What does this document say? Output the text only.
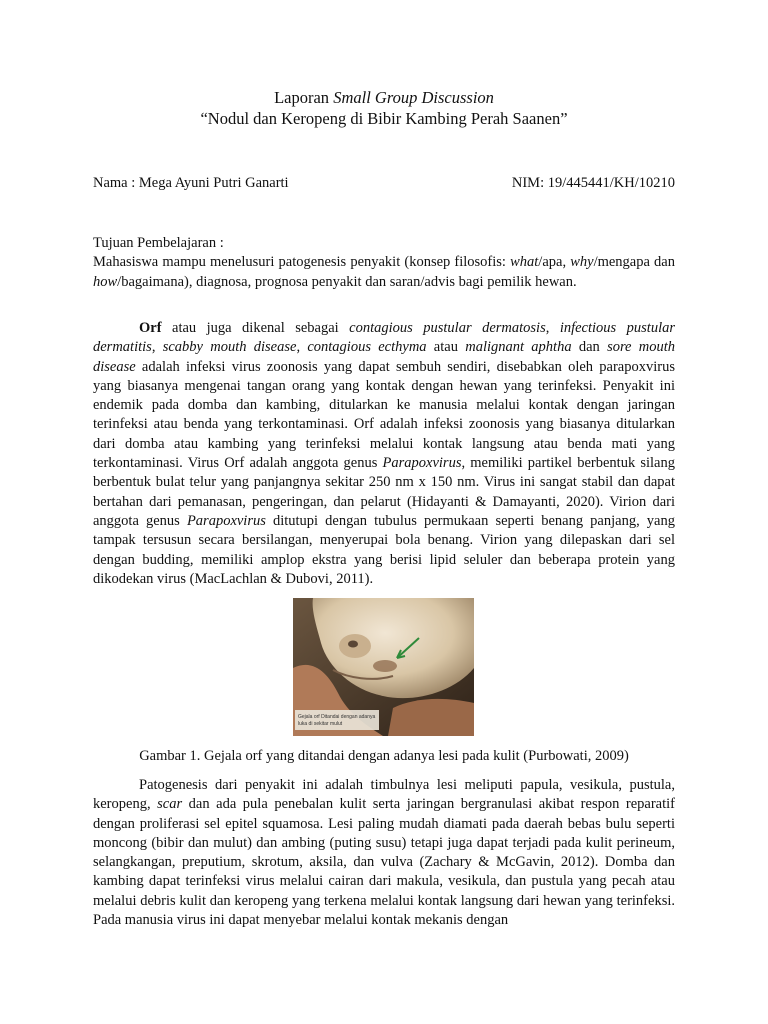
Laporan Small Group Discussion
“Nodul dan Keropeng di Bibir Kambing Perah Saanen”
Nama : Mega Ayuni Putri Ganarti	NIM: 19/445441/KH/10210
Tujuan Pembelajaran :
Mahasiswa mampu menelusuri patogenesis penyakit (konsep filosofis: what/apa, why/mengapa dan how/bagaimana), diagnosa, prognosa penyakit dan saran/advis bagi pemilik hewan.
Orf atau juga dikenal sebagai contagious pustular dermatosis, infectious pustular dermatitis, scabby mouth disease, contagious ecthyma atau malignant aphtha dan sore mouth disease adalah infeksi virus zoonosis yang dapat sembuh sendiri, disebabkan oleh parapoxvirus yang biasanya mengenai tangan orang yang kontak dengan hewan yang terinfeksi. Penyakit ini endemik pada domba dan kambing, ditularkan ke manusia melalui kontak dengan jaringan terinfeksi atau benda yang terkontaminasi. Orf adalah infeksi zoonosis yang biasanya ditularkan dari domba atau kambing yang terinfeksi melalui kontak langsung atau benda mati yang terkontaminasi. Virus Orf adalah anggota genus Parapoxvirus, memiliki partikel berbentuk silang berbentuk bulat telur yang panjangnya sekitar 250 nm x 150 nm. Virus ini sangat stabil dan dapat bertahan dari pemanasan, pengeringan, dan pelarut (Hidayanti & Damayanti, 2020). Virion dari anggota genus Parapoxvirus ditutupi dengan tubulus permukaan seperti benang panjang, yang tampak tersusun secara bersilangan, menyerupai bola benang. Virion yang dilepaskan dari sel dengan budding, memiliki amplop ekstra yang berisi lipid seluler dan beberapa protein yang dikodekan virus (MacLachlan & Dubovi, 2011).
Gejala orf Ditandai dengan adanya
lukа di sekitar mulut
Gambar 1. Gejala orf yang ditandai dengan adanya lesi pada kulit (Purbowati, 2009)
Patogenesis dari penyakit ini adalah timbulnya lesi meliputi papula, vesikula, pustula, keropeng, scar dan ada pula penebalan kulit serta jaringan bergranulasi akibat respon reparatif dengan proliferasi sel epitel squamosa. Lesi paling mudah diamati pada daerah bebas bulu seperti moncong (bibir dan mulut) dan ambing (puting susu) tetapi juga dapat terjadi pada kulit perineum, selangkangan, preputium, skrotum, aksila, dan vulva (Zachary & McGavin, 2012). Domba dan kambing dapat terinfeksi virus melalui cairan dari makula, vesikula, dan pustula yang pecah atau melalui debris kulit dan keropeng yang terkena melalui kontak langsung dari hewan yang terinfeksi. Pada manusia virus ini dapat menyebar melalui kontak mekanis dengan
